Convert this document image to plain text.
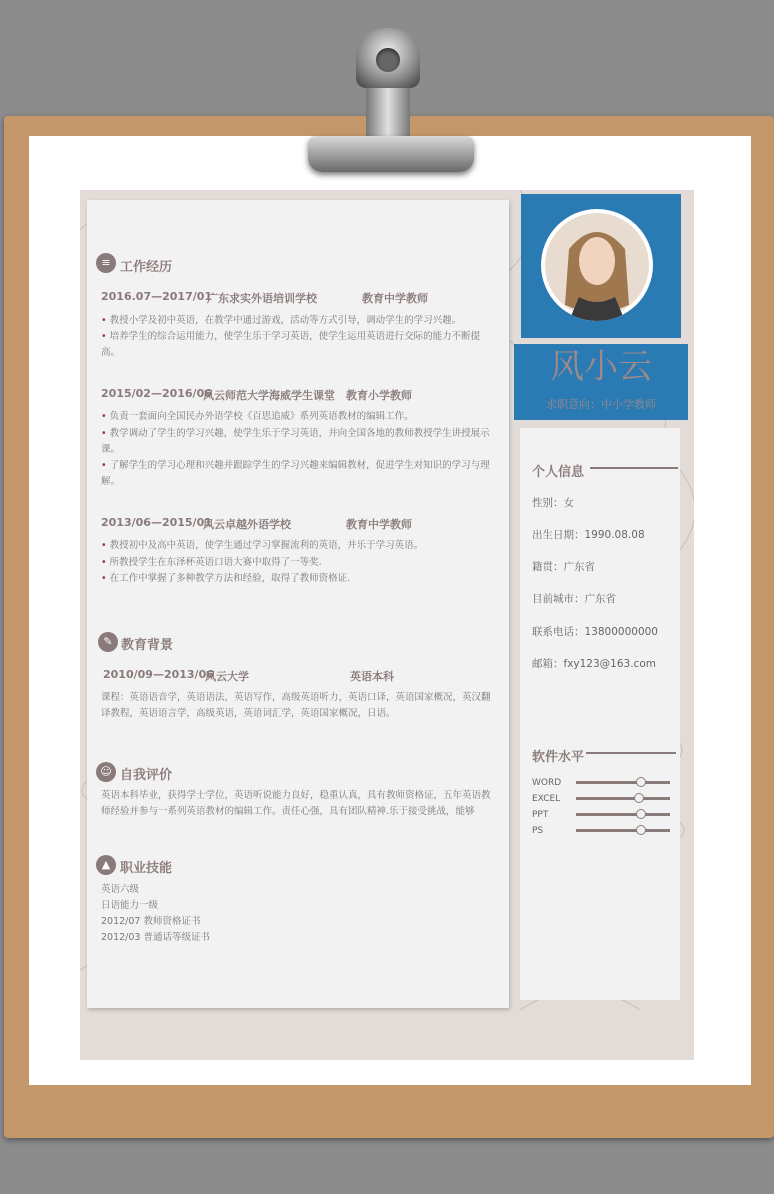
≡ 工作经历
2016.07—2017/01
广东求实外语培训学校	教育中学教师
• 教授小学及初中英语，在教学中通过游戏，活动等方式引导，调动学生的学习兴趣。
• 培养学生的综合运用能力，使学生乐于学习英语，使学生运用英语进行交际的能力不断提高。
2015/02—2016/06
风云师范大学海威学生课堂 教育小学教师
• 负责一套面向全国民办外语学校《百思追威》系列英语教材的编辑工作。
• 教学调动了学生的学习兴趣，使学生乐于学习英语，并向全国各地的教师教授学生讲授展示课。
• 了解学生的学习心理和兴趣并跟踪学生的学习兴趣来编辑教材，促进学生对知识的学习与理解。
2013/06—2015/01
风云卓越外语学校	教育中学教师
• 教授初中及高中英语，使学生通过学习掌握流利的英语，并乐于学习英语。
• 所教授学生在东泽杯英语口语大赛中取得了一等奖.
• 在工作中掌握了多种教学方法和经验，取得了教师资格证.
✎ 教育背景
2010/09—2013/06
风云大学	英语本科
课程：英语语音学，英语语法，英语写作，高级英语听力，英语口译，英语国家概况，英汉翻译教程，英语语言学，高级英语，英语词汇学，英语国家概况，日语。
☺ 自我评价
英语本科毕业，获得学士学位，英语听说能力良好，稳重认真，具有教师资格证，五年英语教师经验并参与一系列英语教材的编辑工作。责任心强，具有团队精神.乐于接受挑战，能够
▲ 职业技能
英语六级
日语能力一级
2012/07 教师资格证书
2012/03 普通话等级证书
风小云
求职意向：中小学教师
个人信息
性别：女
出生日期：1990.08.08
籍贯：广东省
目前城市：广东省
联系电话：13800000000
邮箱：fxy123@163.com
软件水平
WORD
EXCEL
PPT
PS
